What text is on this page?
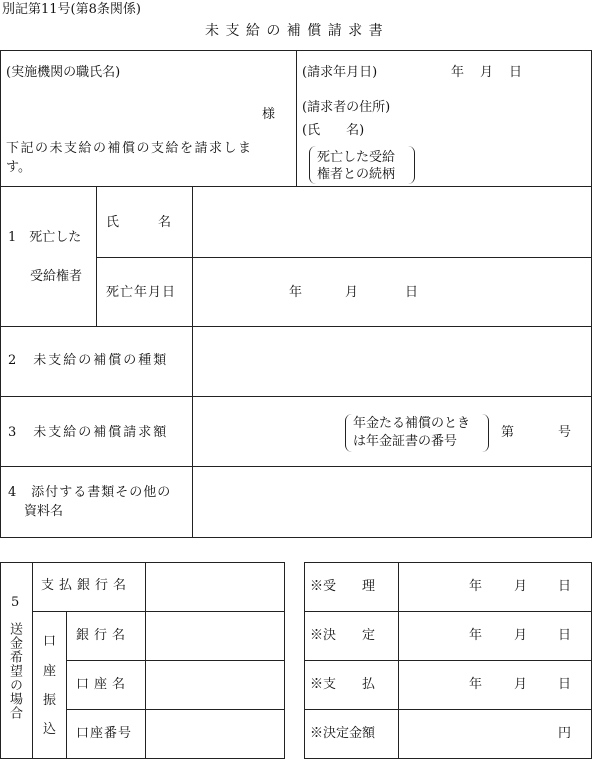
別記第11号(第8条関係)
未 支 給 の 補 償 請 求 書
(実施機関の職氏名)
様
下記の未支給の補償の支給を請求しま
す。
(請求年月日)	年 月 日
(請求者の住所)
(氏　　名)
死亡した受給
権者との続柄
1　死亡した
受給権者
氏　　　名
死亡年月日	年	月	日
2　未支給の補償の種類
3　未支給の補償請求額
年金たる補償のとき
は年金証書の番号
第	号
4　添付する書類その他の
資料名
5
送金希望の場合
支払銀行名
口
座
振
込
銀行名
口座名
口座番号
※受　　理	年 月 日
※決　　定	年 月 日
※支　　払	年 月 日
※決定金額	円
